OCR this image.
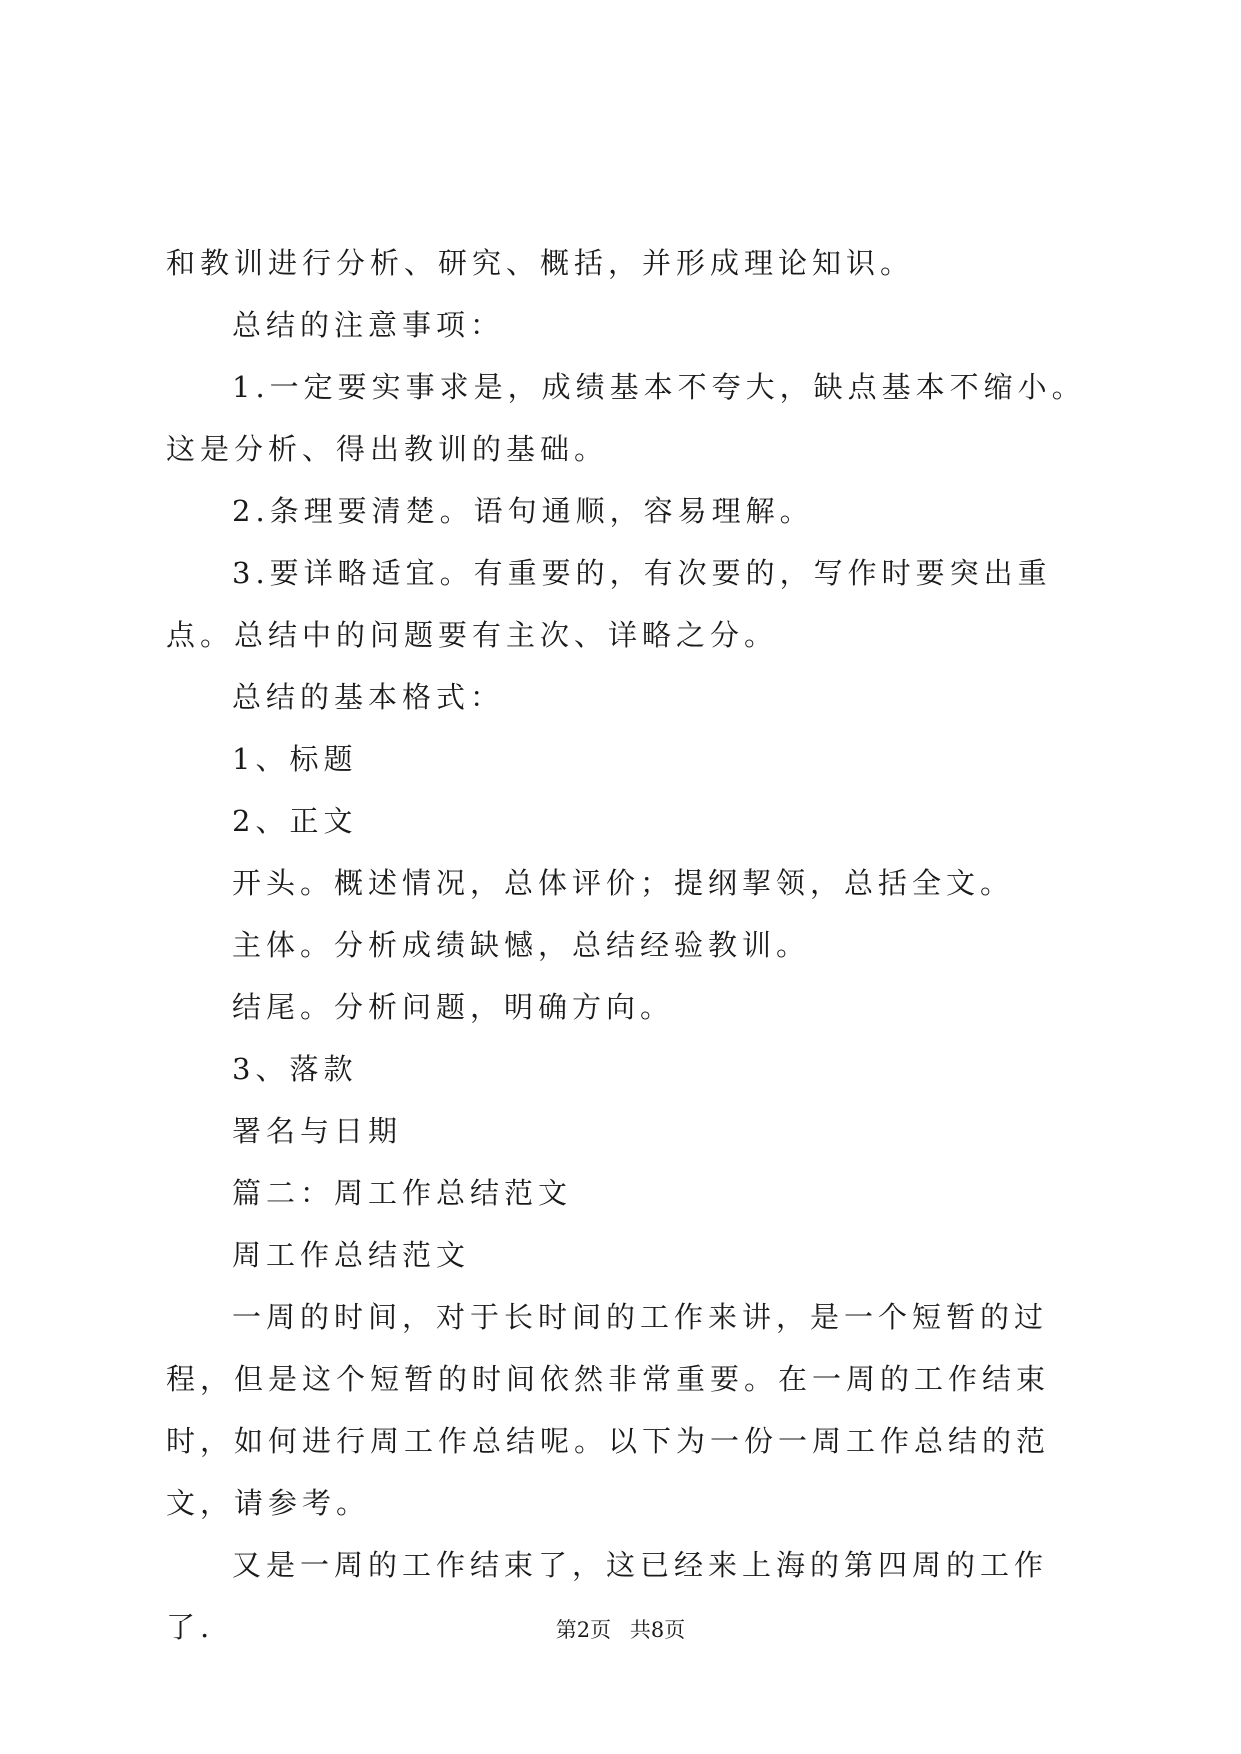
和教训进行分析、研究、概括，并形成理论知识。

总结的注意事项：

1.一定要实事求是，成绩基本不夸大，缺点基本不缩小。这是分析、得出教训的基础。

2.条理要清楚。语句通顺，容易理解。

3.要详略适宜。有重要的，有次要的，写作时要突出重点。总结中的问题要有主次、详略之分。

总结的基本格式：

1、标题

2、正文

开头。概述情况，总体评价；提纲挈领，总括全文。

主体。分析成绩缺憾，总结经验教训。

结尾。分析问题，明确方向。

3、落款

署名与日期

篇二：周工作总结范文

周工作总结范文

一周的时间，对于长时间的工作来讲，是一个短暂的过程，但是这个短暂的时间依然非常重要。在一周的工作结束时，如何进行周工作总结呢。以下为一份一周工作总结的范文，请参考。

又是一周的工作结束了，这已经来上海的第四周的工作了.	第2页 共8页
